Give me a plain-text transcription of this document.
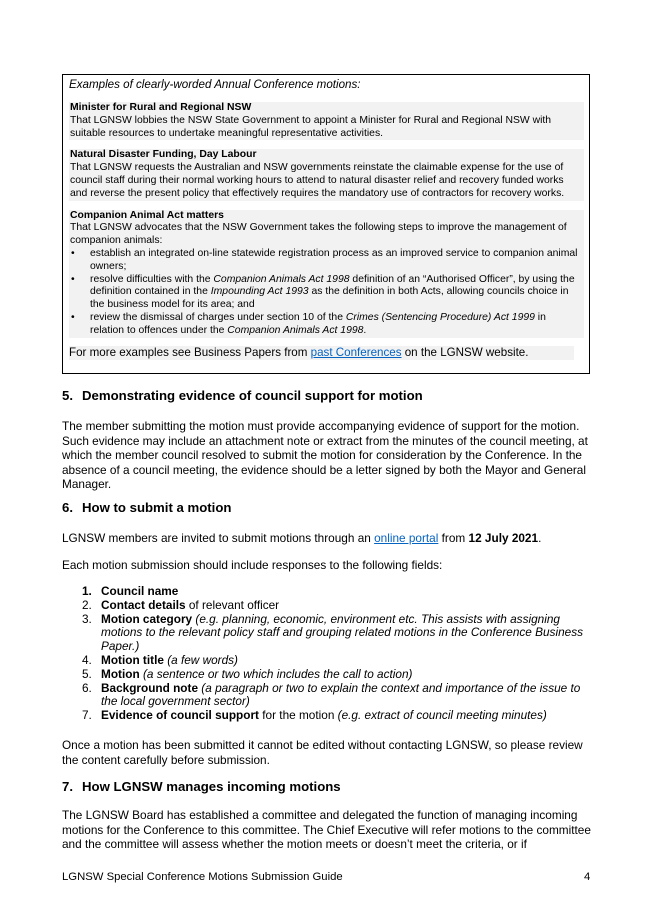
Examples of clearly-worded Annual Conference motions:

Minister for Rural and Regional NSW

That LGNSW lobbies the NSW State Government to appoint a Minister for Rural and Regional NSW with suitable resources to undertake meaningful representative activities.

Natural Disaster Funding, Day Labour

That LGNSW requests the Australian and NSW governments reinstate the claimable expense for the use of council staff during their normal working hours to attend to natural disaster relief and recovery funded works and reverse the present policy that effectively requires the mandatory use of contractors for recovery works.

Companion Animal Act matters

That LGNSW advocates that the NSW Government takes the following steps to improve the management of companion animals:

• establish an integrated on-line statewide registration process as an improved service to companion animal owners;
• resolve difficulties with the Companion Animals Act 1998 definition of an “Authorised Officer”, by using the definition contained in the Impounding Act 1993 as the definition in both Acts, allowing councils choice in the business model for its area; and
• review the dismissal of charges under section 10 of the Crimes (Sentencing Procedure) Act 1999 in relation to offences under the Companion Animals Act 1998.
For more examples see Business Papers from past Conferences on the LGNSW website.
5. Demonstrating evidence of council support for motion

The member submitting the motion must provide accompanying evidence of support for the motion. Such evidence may include an attachment note or extract from the minutes of the council meeting, at which the member council resolved to submit the motion for consideration by the Conference. In the absence of a council meeting, the evidence should be a letter signed by both the Mayor and General Manager.

6. How to submit a motion

LGNSW members are invited to submit motions through an online portal from 12 July 2021.

Each motion submission should include responses to the following fields:

1. Council name
2. Contact details of relevant officer
3. Motion category (e.g. planning, economic, environment etc. This assists with assigning motions to the relevant policy staff and grouping related motions in the Conference Business Paper.)
4. Motion title (a few words)
5. Motion (a sentence or two which includes the call to action)
6. Background note (a paragraph or two to explain the context and importance of the issue to the local government sector)
7. Evidence of council support for the motion (e.g. extract of council meeting minutes)

Once a motion has been submitted it cannot be edited without contacting LGNSW, so please review the content carefully before submission.

7. How LGNSW manages incoming motions

The LGNSW Board has established a committee and delegated the function of managing incoming motions for the Conference to this committee. The Chief Executive will refer motions to the committee and the committee will assess whether the motion meets or doesn’t meet the criteria, or if

LGNSW Special Conference Motions Submission Guide	4
